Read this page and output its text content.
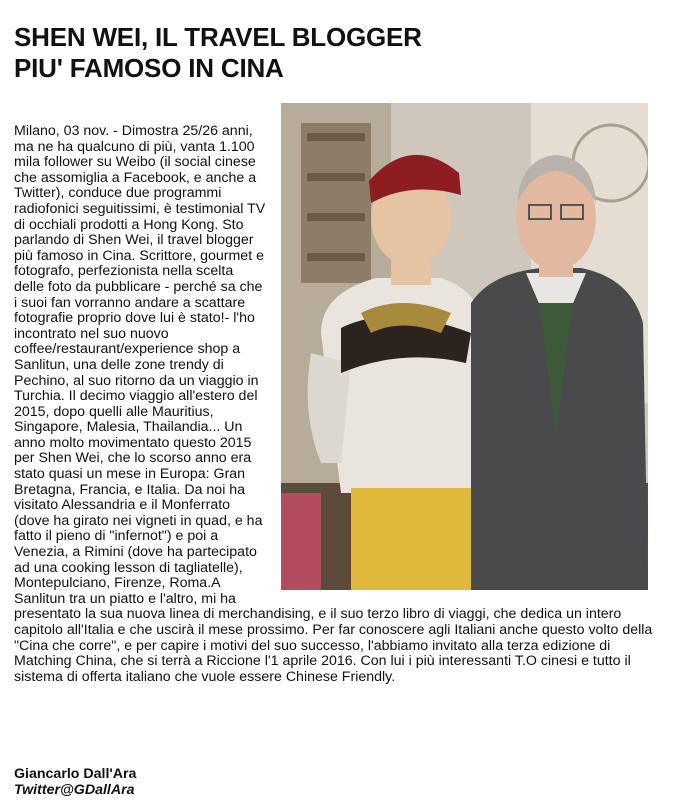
SHEN WEI, IL TRAVEL BLOGGER
PIU' FAMOSO IN CINA

Milano, 03 nov. - Dimostra 25/26 anni, ma ne ha qualcuno di più, vanta 1.100 mila follower su Weibo (il social cinese che assomiglia a Facebook, e anche a Twitter), conduce due programmi radiofonici seguitissimi, è testimonial TV di occhiali prodotti a Hong Kong. Sto parlando di Shen Wei, il travel blogger più famoso in Cina. Scrittore, gourmet e fotografo, perfezionista nella scelta delle foto da pubblicare - perché sa che i suoi fan vorranno andare a scattare fotografie proprio dove lui è stato!- l'ho incontrato nel suo nuovo coffee/restaurant/experience shop a Sanlitun, una delle zone trendy di Pechino, al suo ritorno da un viaggio in Turchia. Il decimo viaggio all'estero del 2015, dopo quelli alle Mauritius, Singapore, Malesia, Thailandia... Un anno molto movimentato questo 2015 per Shen Wei, che lo scorso anno era stato quasi un mese in Europa: Gran Bretagna, Francia, e Italia. Da noi ha visitato Alessandria e il Monferrato (dove ha girato nei vigneti in quad, e ha fatto il pieno di "infernot") e poi a Venezia, a Rimini (dove ha partecipato ad una cooking lesson di tagliatelle), Montepulciano, Firenze, Roma.A Sanlitun tra un piatto e l'altro, mi ha presentato la sua nuova linea di merchandising, e il suo terzo libro di viaggi, che dedica un intero capitolo all'Italia e che uscirà il mese prossimo. Per far conoscere agli Italiani anche questo volto della "Cina che corre", e per capire i motivi del suo successo, l'abbiamo invitato alla terza edizione di Matching China, che si terrà a Riccione l'1 aprile 2016. Con lui i più interessanti T.O cinesi e tutto il sistema di offerta italiano che vuole essere Chinese Friendly.

Giancarlo Dall'Ara
Twitter@GDallAra
